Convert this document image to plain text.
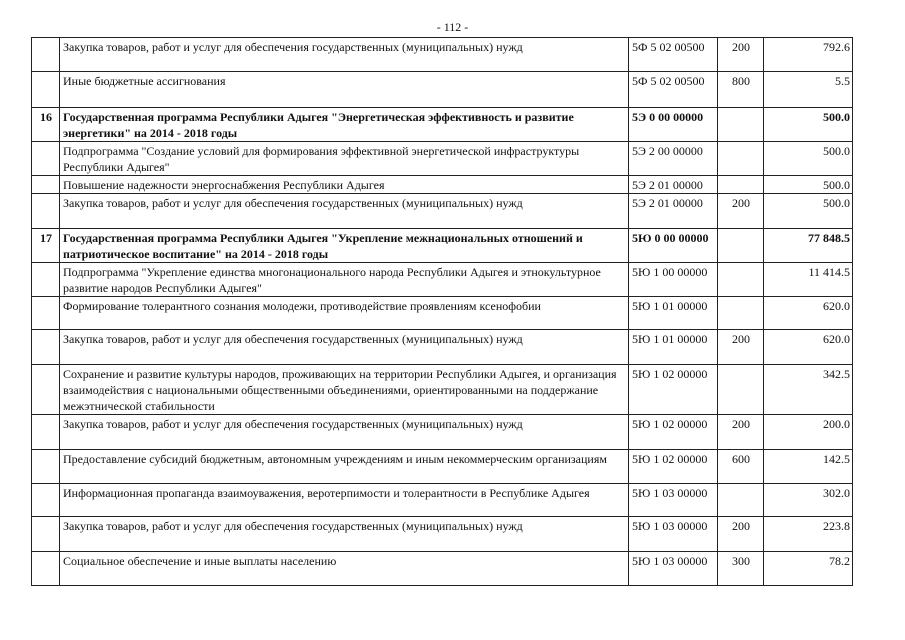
- 112 -
	Закупка товаров, работ и услуг для обеспечения государственных (муниципальных) нужд	5Ф 5 02 00500	200	792.6
	Иные бюджетные ассигнования	5Ф 5 02 00500	800	5.5
16	Государственная программа Республики Адыгея "Энергетическая эффективность и развитие энергетики" на 2014 - 2018 годы	5Э 0 00 00000		500.0
	Подпрограмма "Создание условий для формирования эффективной энергетической инфраструктуры Республики Адыгея"	5Э 2 00 00000		500.0
	Повышение надежности энергоснабжения Республики Адыгея	5Э 2 01 00000		500.0
	Закупка товаров, работ и услуг для обеспечения государственных (муниципальных) нужд	5Э 2 01 00000	200	500.0
17	Государственная программа Республики Адыгея "Укрепление межнациональных отношений и патриотическое воспитание" на 2014 - 2018 годы	5Ю 0 00 00000		77 848.5
	Подпрограмма "Укрепление единства многонационального народа Республики Адыгея и этнокультурное развитие народов Республики Адыгея"	5Ю 1 00 00000		11 414.5
	Формирование толерантного сознания молодежи, противодействие проявлениям ксенофобии	5Ю 1 01 00000		620.0
	Закупка товаров, работ и услуг для обеспечения государственных (муниципальных) нужд	5Ю 1 01 00000	200	620.0
	Сохранение и развитие культуры народов, проживающих на территории Республики Адыгея, и организация взаимодействия с национальными общественными объединениями, ориентированными на поддержание межэтнической стабильности	5Ю 1 02 00000		342.5
	Закупка товаров, работ и услуг для обеспечения государственных (муниципальных) нужд	5Ю 1 02 00000	200	200.0
	Предоставление субсидий бюджетным, автономным учреждениям и иным некоммерческим организациям	5Ю 1 02 00000	600	142.5
	Информационная пропаганда взаимоуважения, веротерпимости и толерантности в Республике Адыгея	5Ю 1 03 00000		302.0
	Закупка товаров, работ и услуг для обеспечения государственных (муниципальных) нужд	5Ю 1 03 00000	200	223.8
	Социальное обеспечение и иные выплаты населению	5Ю 1 03 00000	300	78.2
